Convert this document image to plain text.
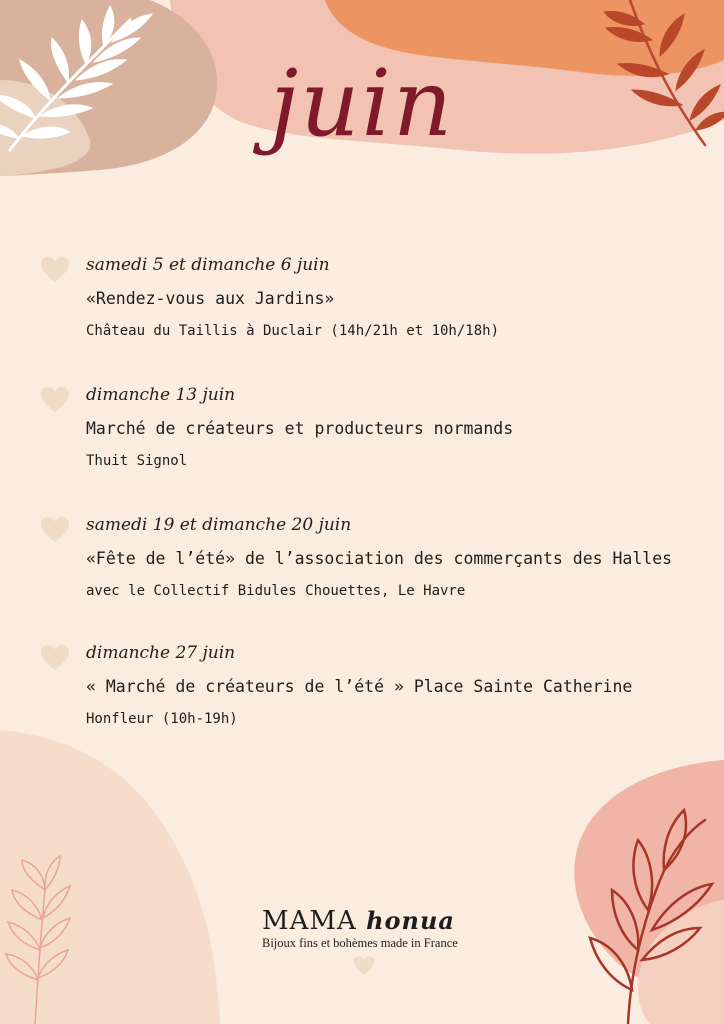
juin
samedi 5 et dimanche 6 juin
«Rendez-vous aux Jardins»
Château du Taillis à Duclair (14h/21h et 10h/18h)
dimanche 13 juin
Marché de créateurs et producteurs normands
Thuit Signol
samedi 19 et dimanche 20 juin
«Fête de l’été» de l’association des commerçants des Halles
avec le Collectif Bidules Chouettes, Le Havre
dimanche 27 juin
« Marché de créateurs de l’été » Place Sainte Catherine
Honfleur (10h-19h)
MAMA honua
Bijoux fins et bohèmes made in France
